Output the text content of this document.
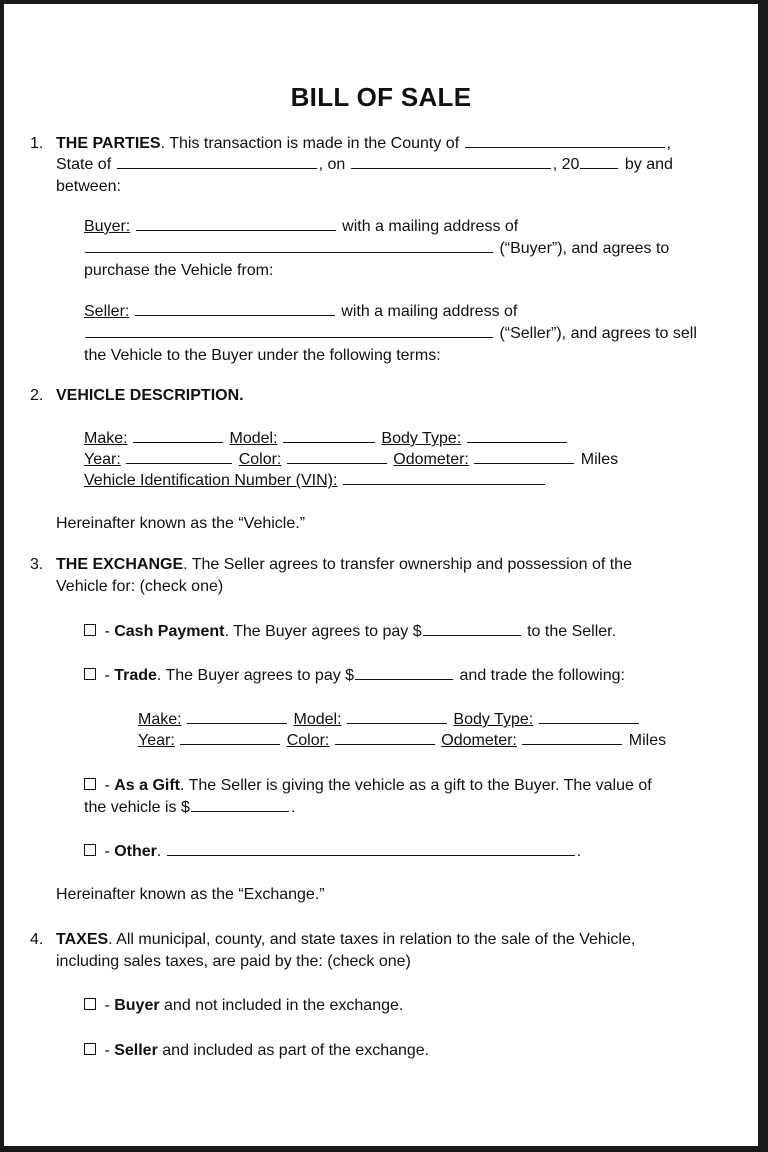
BILL OF SALE
1. THE PARTIES. This transaction is made in the County of	,
State of	, on	, 20	by and
between:
Buyer:	with a mailing address of
(“Buyer”), and agrees to
purchase the Vehicle from:
Seller:	with a mailing address of
(“Seller”), and agrees to sell
the Vehicle to the Buyer under the following terms:
2. VEHICLE DESCRIPTION.
Make:	Model:	Body Type:
Year:	Color:	Odometer:	Miles
Vehicle Identification Number (VIN):
Hereinafter known as the “Vehicle.”
3. THE EXCHANGE. The Seller agrees to transfer ownership and possession of the
Vehicle for: (check one)
- Cash Payment. The Buyer agrees to pay $	to the Seller.
- Trade. The Buyer agrees to pay $	and trade the following:
Make:	Model:	Body Type:
Year:	Color:	Odometer:	Miles
- As a Gift. The Seller is giving the vehicle as a gift to the Buyer. The value of
the vehicle is $	.
- Other.	.
Hereinafter known as the “Exchange.”
4. TAXES. All municipal, county, and state taxes in relation to the sale of the Vehicle,
including sales taxes, are paid by the: (check one)
- Buyer and not included in the exchange.
- Seller and included as part of the exchange.
